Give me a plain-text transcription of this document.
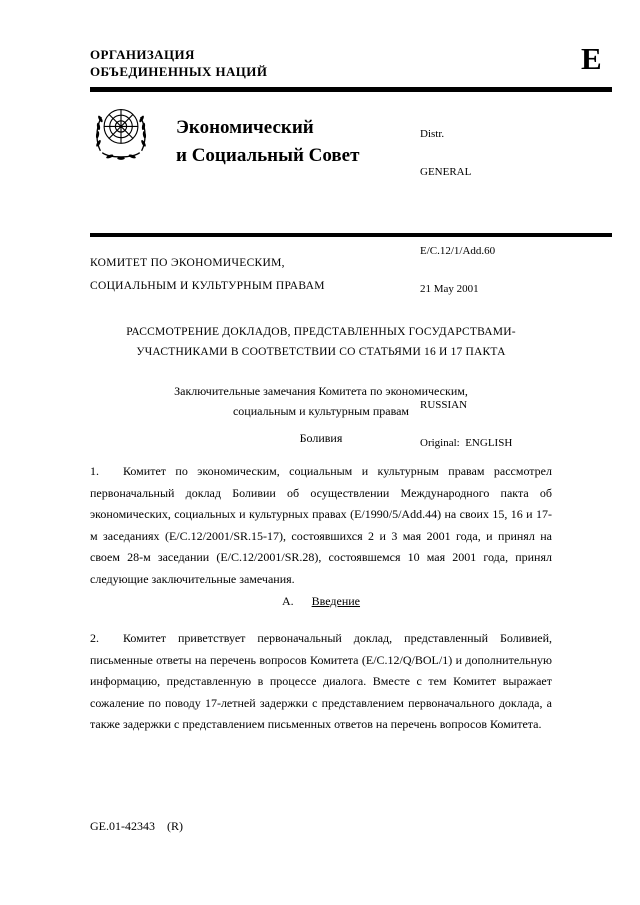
ОРГАНИЗАЦИЯ
ОБЪЕДИНЕННЫХ НАЦИЙ	E
Экономический
и Социальный Совет

Distr.

GENERAL

E/C.12/1/Add.60

21 May 2001

RUSSIAN

Original:  ENGLISH

КОМИТЕТ ПО ЭКОНОМИЧЕСКИМ,
СОЦИАЛЬНЫМ И КУЛЬТУРНЫМ ПРАВАМ
РАССМОТРЕНИЕ ДОКЛАДОВ, ПРЕДСТАВЛЕННЫХ ГОСУДАРСТВАМИ-
УЧАСТНИКАМИ В СООТВЕТСТВИИ СО СТАТЬЯМИ 16 И 17 ПАКТА
Заключительные замечания Комитета по экономическим,
социальным и культурным правам
Боливия

1. Комитет по экономическим, социальным и культурным правам рассмотрел первоначальный доклад Боливии об осуществлении Международного пакта об экономических, социальных и культурных правах (E/1990/5/Add.44) на своих 15, 16 и 17-м заседаниях (E/C.12/2001/SR.15-17), состоявшихся 2 и 3 мая 2001 года, и принял на своем 28-м заседании (E/C.12/2001/SR.28), состоявшемся 10 мая 2001 года, принял следующие заключительные замечания.

A. Введение

2. Комитет приветствует первоначальный доклад, представленный Боливией, письменные ответы на перечень вопросов Комитета (E/C.12/Q/BOL/1) и дополнительную информацию, представленную в процессе диалога. Вместе с тем Комитет выражает сожаление по поводу 17-летней задержки с представлением первоначального доклада, а также задержки с представлением письменных ответов на перечень вопросов Комитета.

GE.01-42343    (R)
